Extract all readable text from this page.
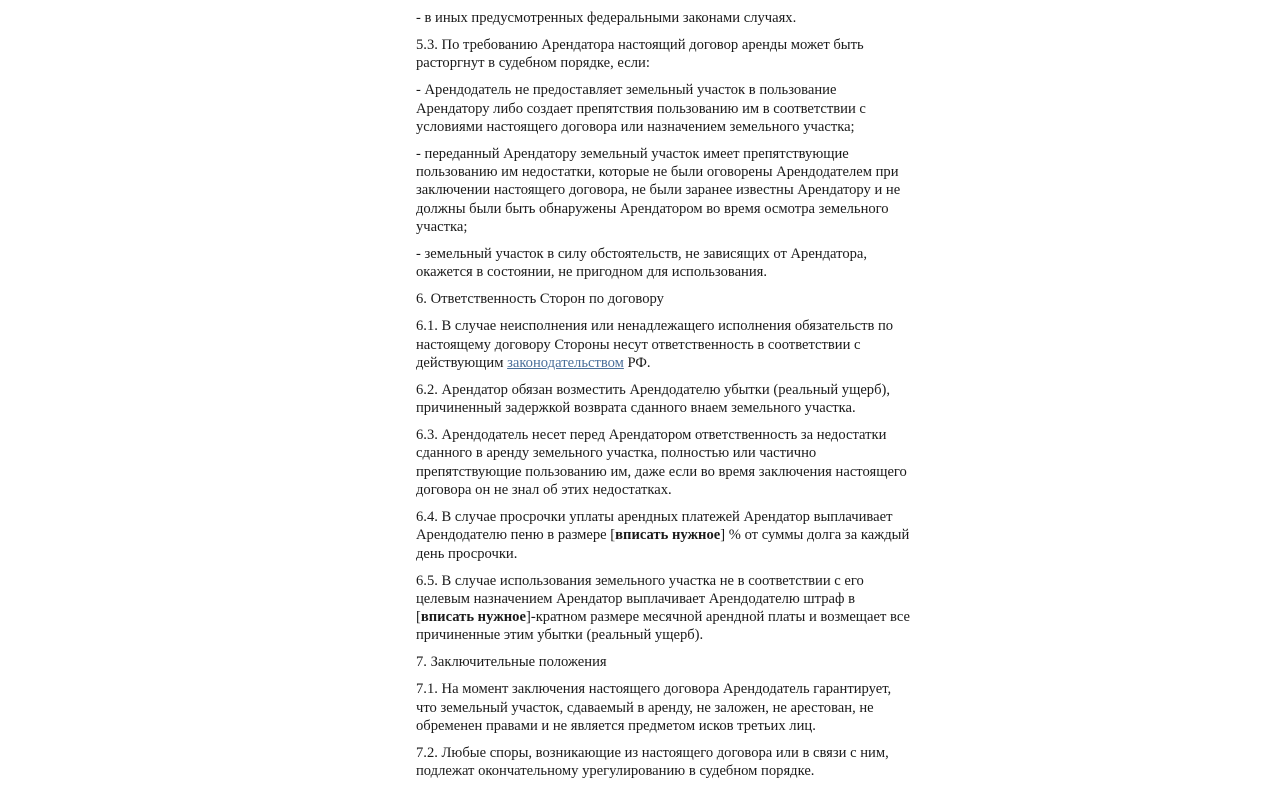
- в иных предусмотренных федеральными законами случаях.

5.3. По требованию Арендатора настоящий договор аренды может быть расторгнут в судебном порядке, если:

- Арендодатель не предоставляет земельный участок в пользование Арендатору либо создает препятствия пользованию им в соответствии с условиями настоящего договора или назначением земельного участка;

- переданный Арендатору земельный участок имеет препятствующие пользованию им недостатки, которые не были оговорены Арендодателем при заключении настоящего договора, не были заранее известны Арендатору и не должны были быть обнаружены Арендатором во время осмотра земельного участка;

- земельный участок в силу обстоятельств, не зависящих от Арендатора, окажется в состоянии, не пригодном для использования.

6. Ответственность Сторон по договору

6.1. В случае неисполнения или ненадлежащего исполнения обязательств по настоящему договору Стороны несут ответственность в соответствии с действующим законодательством РФ.

6.2. Арендатор обязан возместить Арендодателю убытки (реальный ущерб), причиненный задержкой возврата сданного внаем земельного участка.

6.3. Арендодатель несет перед Арендатором ответственность за недостатки сданного в аренду земельного участка, полностью или частично препятствующие пользованию им, даже если во время заключения настоящего договора он не знал об этих недостатках.

6.4. В случае просрочки уплаты арендных платежей Арендатор выплачивает Арендодателю пеню в размере [вписать нужное] % от суммы долга за каждый день просрочки.

6.5. В случае использования земельного участка не в соответствии с его целевым назначением Арендатор выплачивает Арендодателю штраф в [вписать нужное]-кратном размере месячной арендной платы и возмещает все причиненные этим убытки (реальный ущерб).

7. Заключительные положения

7.1. На момент заключения настоящего договора Арендодатель гарантирует, что земельный участок, сдаваемый в аренду, не заложен, не арестован, не обременен правами и не является предметом исков третьих лиц.

7.2. Любые споры, возникающие из настоящего договора или в связи с ним, подлежат окончательному урегулированию в судебном порядке.
